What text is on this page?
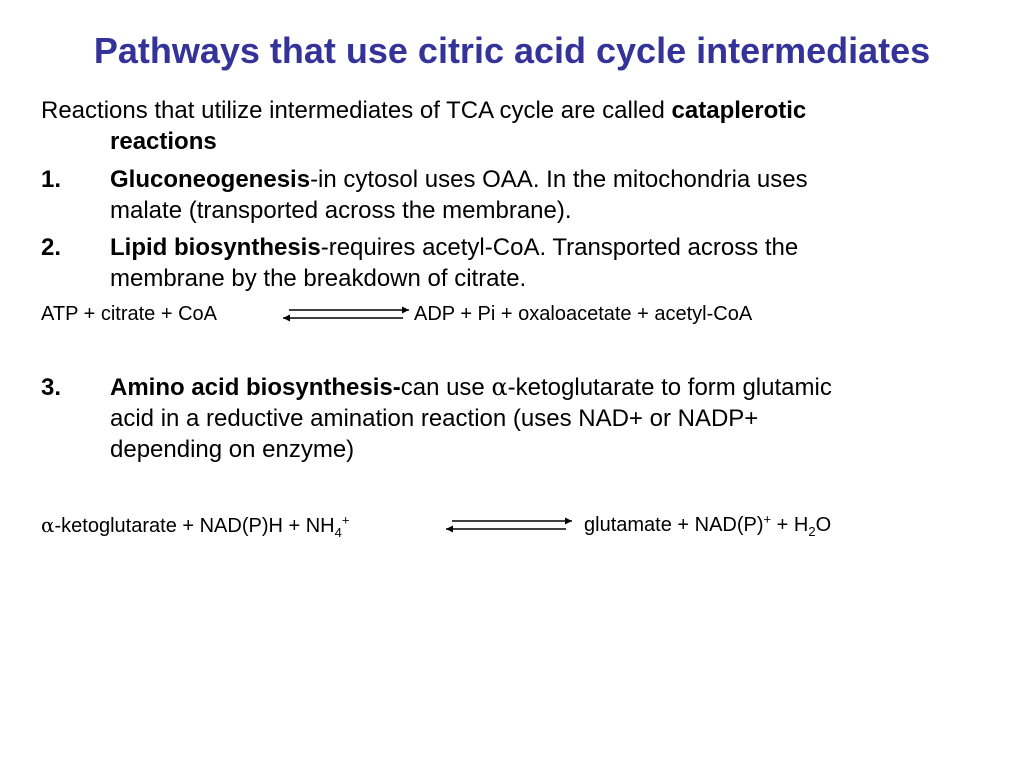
Pathways that use citric acid cycle intermediates
Reactions that utilize intermediates of TCA cycle are called cataplerotic
reactions
1. Gluconeogenesis-in cytosol uses OAA. In the mitochondria uses
malate (transported across the membrane).
2. Lipid biosynthesis-requires acetyl-CoA. Transported across the
membrane by the breakdown of citrate.
ATP + citrate + CoA	ADP + Pi + oxaloacetate + acetyl-CoA
3. Amino acid biosynthesis-can use α-ketoglutarate to form glutamic
acid in a reductive amination reaction (uses NAD+ or NADP+
depending on enzyme)
α-ketoglutarate + $NAD(P)H + NH_4^+$	glutamate + $NAD(P)^+ + H_2O$
